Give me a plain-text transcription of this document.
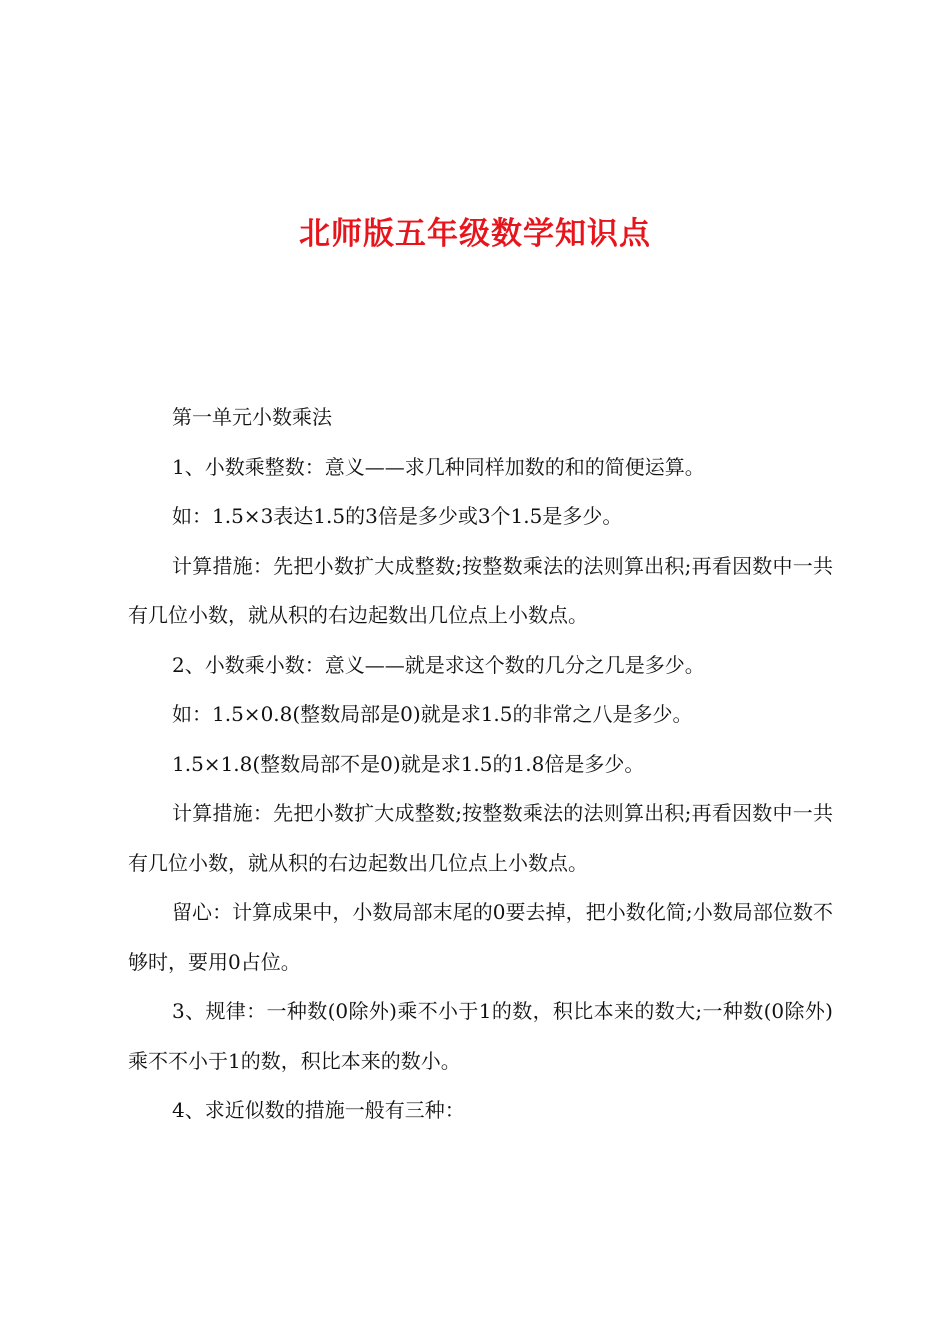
北师版五年级数学知识点

第一单元小数乘法

1、小数乘整数：意义——求几种同样加数的和的简便运算。

如：1.5×3表达1.5的3倍是多少或3个1.5是多少。

计算措施：先把小数扩大成整数;按整数乘法的法则算出积;再看因数中一共有几位小数，就从积的右边起数出几位点上小数点。

2、小数乘小数：意义——就是求这个数的几分之几是多少。

如：1.5×0.8(整数局部是0)就是求1.5的非常之八是多少。

1.5×1.8(整数局部不是0)就是求1.5的1.8倍是多少。

计算措施：先把小数扩大成整数;按整数乘法的法则算出积;再看因数中一共有几位小数，就从积的右边起数出几位点上小数点。

留心：计算成果中，小数局部末尾的0要去掉，把小数化简;小数局部位数不够时，要用0占位。

3、规律：一种数(0除外)乘不小于1的数，积比本来的数大;一种数(0除外)乘不不小于1的数，积比本来的数小。

4、求近似数的措施一般有三种：
